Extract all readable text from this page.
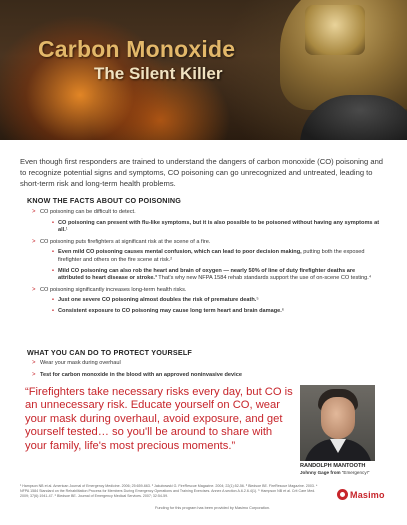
Carbon Monoxide
The Silent Killer

Even though first responders are trained to understand the dangers of carbon monoxide (CO) poisoning and to recognize potential signs and symptoms, CO poisoning can go unrecognized and untreated, leading to short-term risk and long-term health problems.

KNOW THE FACTS ABOUT CO POISONING
> CO poisoning can be difficult to detect.
• CO poisoning can present with flu-like symptoms, but it is also possible to be poisoned without having any symptoms at all.¹
> CO poisoning puts firefighters at significant risk at the scene of a fire.
• Even mild CO poisoning causes mental confusion, which can lead to poor decision making, putting both the exposed firefighter and others on the fire scene at risk.²
• Mild CO poisoning can also rob the heart and brain of oxygen — nearly 50% of line of duty firefighter deaths are attributed to heart disease or stroke.³ That's why new NFPA 1584 rehab standards support the use of on-scene CO testing.⁴
> CO poisoning significantly increases long-term health risks.
• Just one severe CO poisoning almost doubles the risk of premature death.⁵
• Consistent exposure to CO poisoning may cause long term heart and brain damage.⁶
WHAT YOU CAN DO TO PROTECT YOURSELF
> Wear your mask during overhaul
> Test for carbon monoxide in the blood with an approved noninvasive device
“Firefighters take necessary risks every day, but CO is an unnecessary risk. Educate yourself on CO, wear your mask during overhaul, avoid exposure, and get yourself tested… so you'll be around to share with your family, life's most precious moments.”
RANDOLPH MANTOOTH
Johnny Gage from “Emergency!”
¹ Hampson NB et al. American Journal of Emergency Medicine. 2006; 25:659-663. ² Jakubowski G. FireRescue Magazine. 2004; 22(1):52-56. ³ Bledsoe BE. FireRescue Magazine. 2003. ⁴ NFPA 1584 Standard on the Rehabilitation Process for Members During Emergency Operations and Training Exercises. Annex A section A.6.2.6.4(1). ⁵ Hampson NB et al. Crit Care Med. 2009; 37(6):1941-47. ⁶ Bledsoe BE. Journal of Emergency Medical Services. 2007; 32:54-59.
Funding for this program has been provided by Masimo Corporation.
Masimo
